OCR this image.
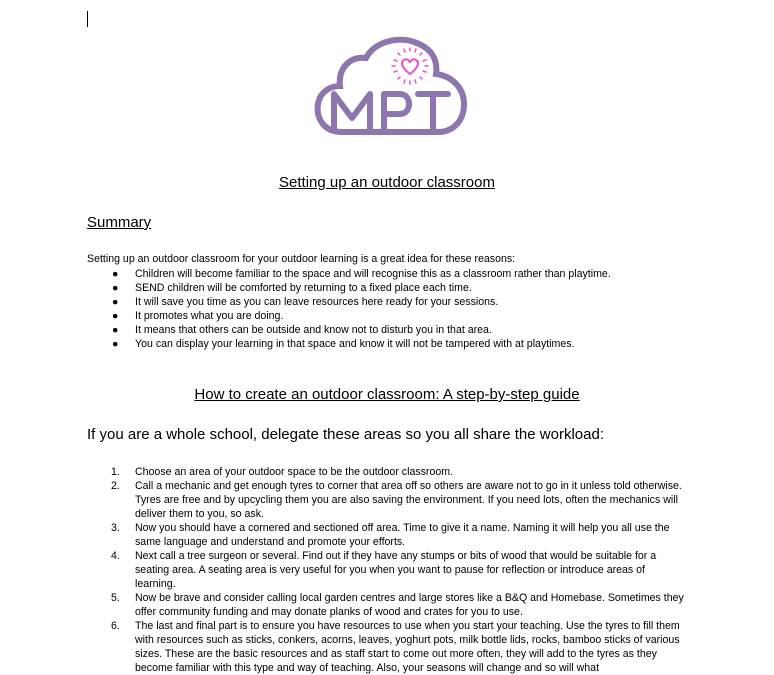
Setting up an outdoor classroom
Summary
Setting up an outdoor classroom for your outdoor learning is a great idea for these reasons:
● Children will become familiar to the space and will recognise this as a classroom rather than playtime.
● SEND children will be comforted by returning to a fixed place each time.
● It will save you time as you can leave resources here ready for your sessions.
● It promotes what you are doing.
● It means that others can be outside and know not to disturb you in that area.
● You can display your learning in that space and know it will not be tampered with at playtimes.
How to create an outdoor classroom: A step-by-step guide
If you are a whole school, delegate these areas so you all share the workload:
1. Choose an area of your outdoor space to be the outdoor classroom.
2. Call a mechanic and get enough tyres to corner that area off so others are aware not to go in it unless told otherwise. Tyres are free and by upcycling them you are also saving the environment. If you need lots, often the mechanics will deliver them to you, so ask.
3. Now you should have a cornered and sectioned off area. Time to give it a name. Naming it will help you all use the same language and understand and promote your efforts.
4. Next call a tree surgeon or several. Find out if they have any stumps or bits of wood that would be suitable for a seating area. A seating area is very useful for you when you want to pause for reflection or introduce areas of learning.
5. Now be brave and consider calling local garden centres and large stores like a B&Q and Homebase. Sometimes they offer community funding and may donate planks of wood and crates for you to use.
6. The last and final part is to ensure you have resources to use when you start your teaching. Use the tyres to fill them with resources such as sticks, conkers, acorns, leaves, yoghurt pots, milk bottle lids, rocks, bamboo sticks of various sizes. These are the basic resources and as staff start to come out more often, they will add to the tyres as they become familiar with this type and way of teaching. Also, your seasons will change and so will what
